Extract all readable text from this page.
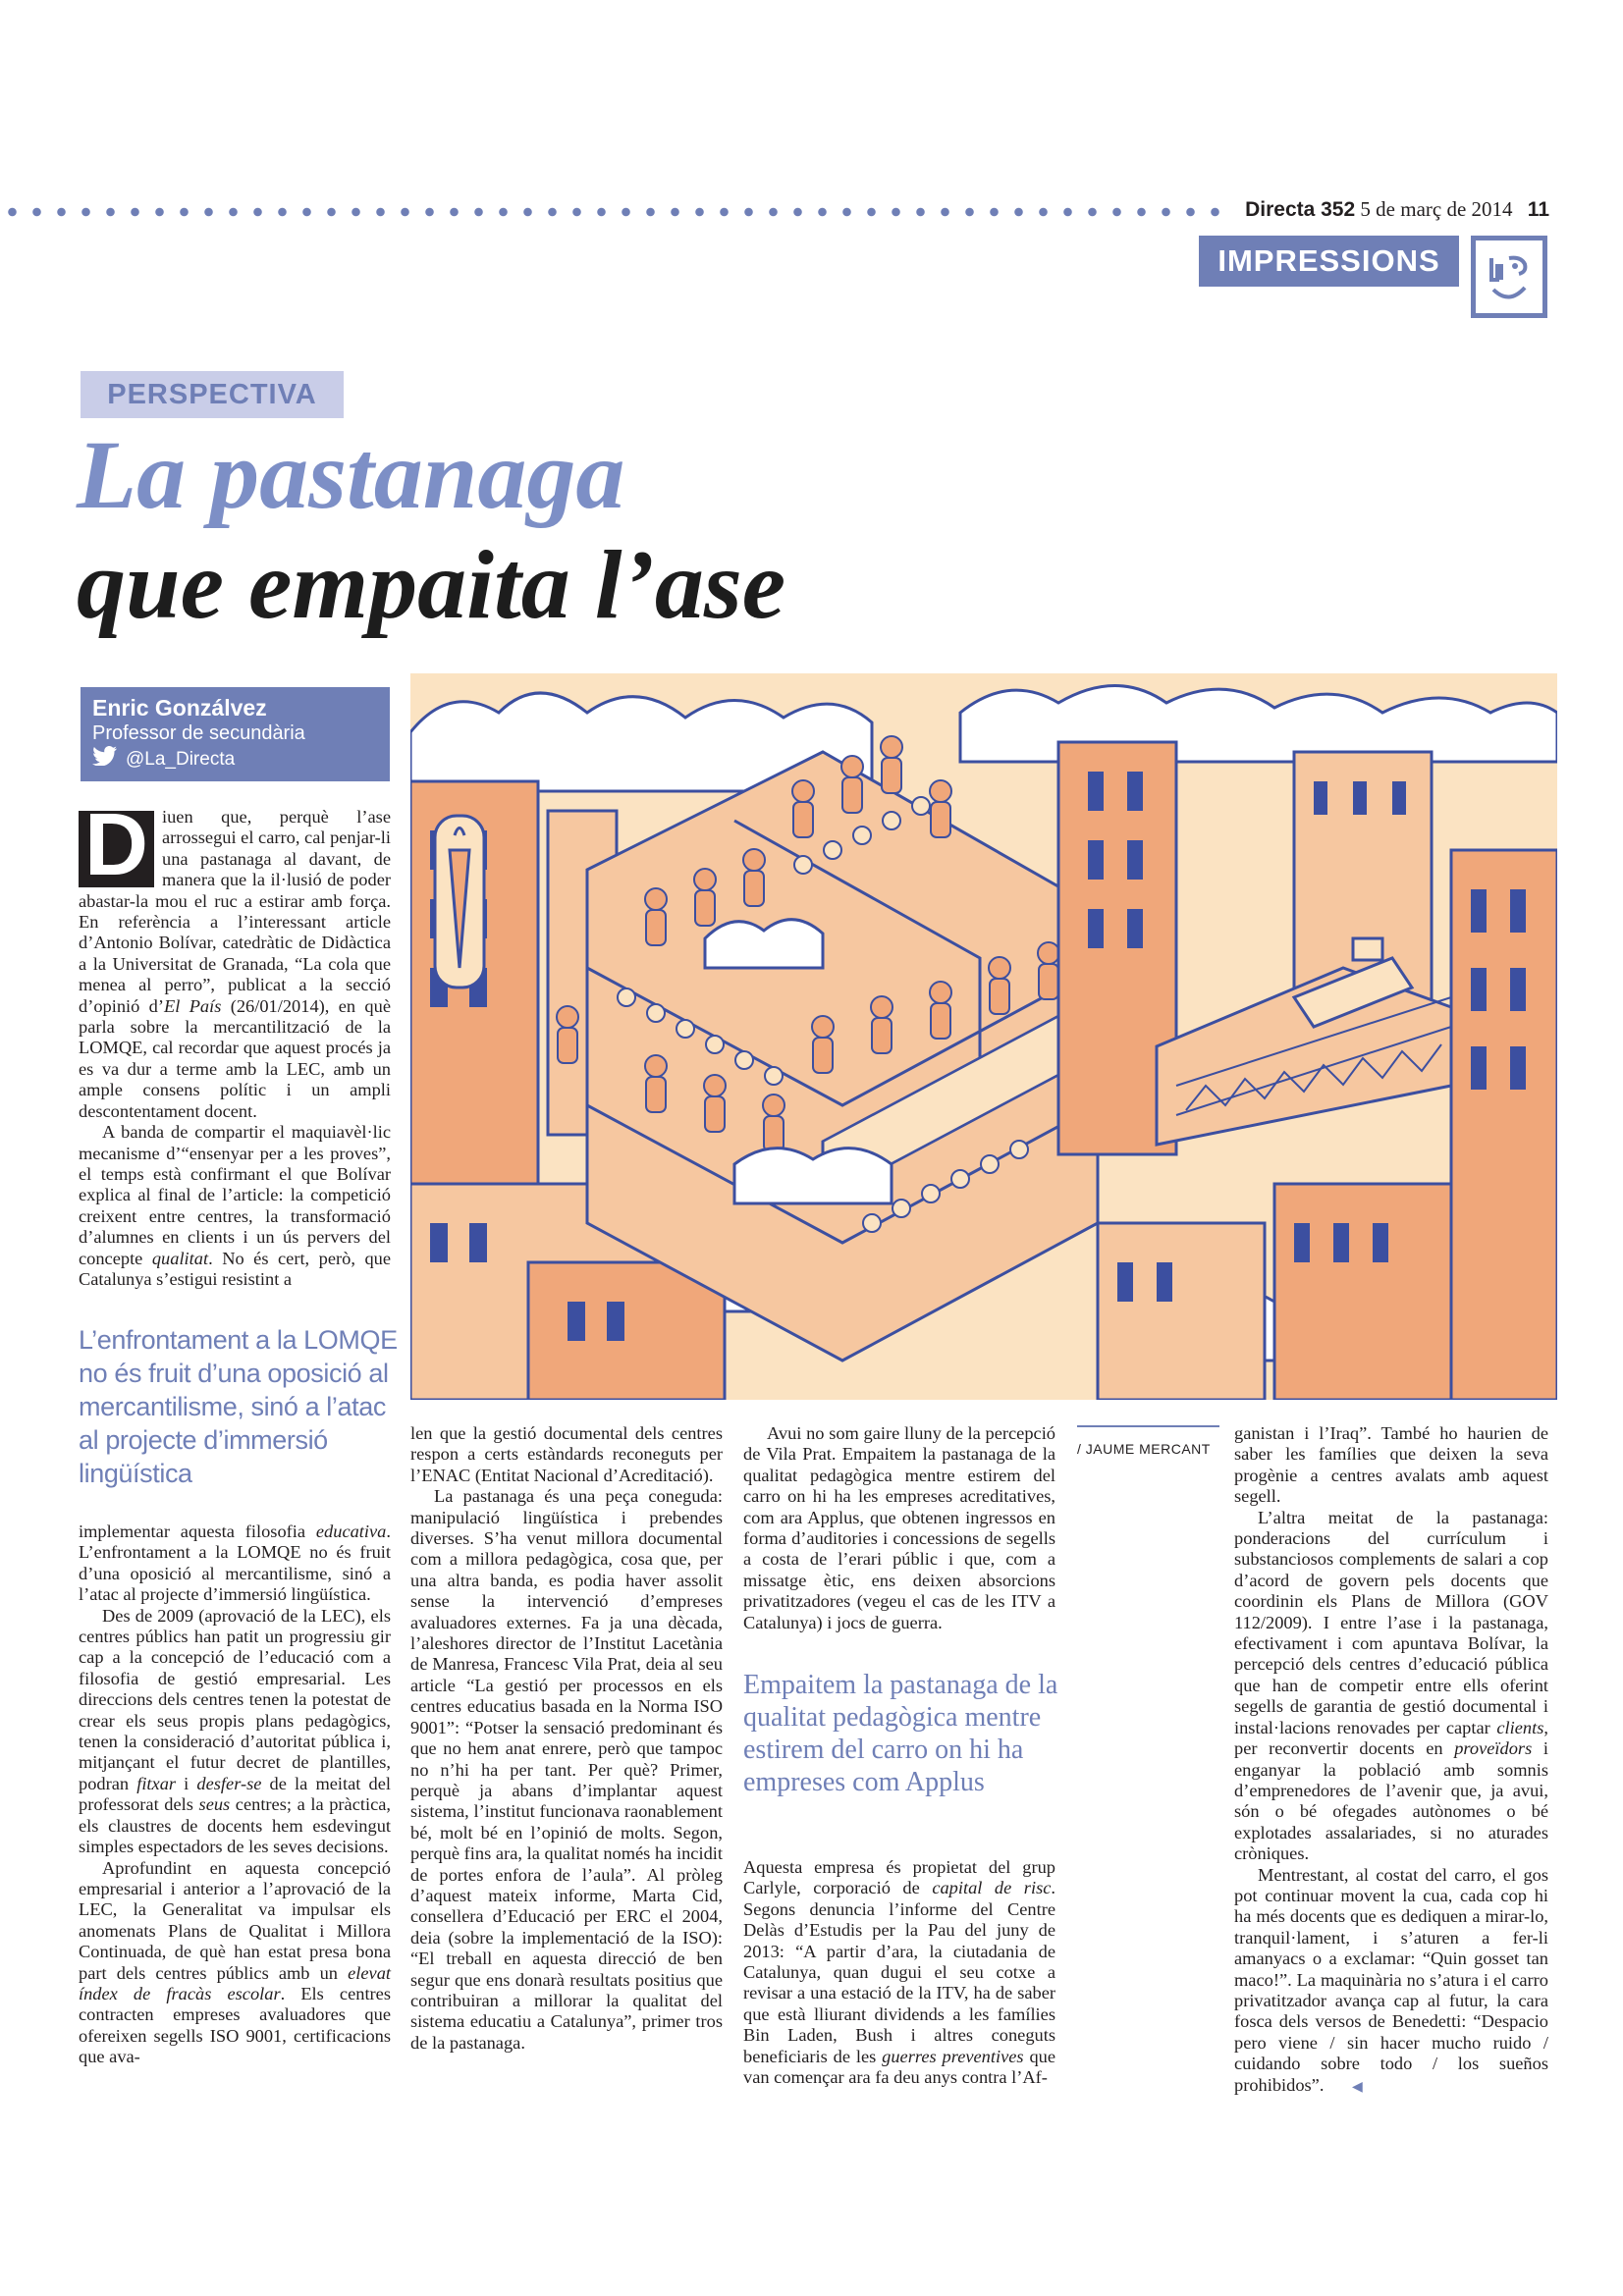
Directa 352 5 de març de 2014 11
IMPRESSIONS
PERSPECTIVA
La pastanaga
que empaita l’ase
Enric Gonzálvez
Professor de secundària
@La_Directa
/ JAUME MERCANT

D iuen que, perquè l’ase arrossegui el carro, cal penjar-li una pastanaga al davant, de manera que la il·lusió de poder abastar-la mou el ruc a estirar amb força. En referència a l’interessant article d’Antonio Bolívar, catedràtic de Didàctica a la Universitat de Granada, “La cola que menea al perro”, publicat a la secció d’opinió d’El País (26/01/2014), en què parla sobre la mercantilització de la LOMQE, cal recordar que aquest procés ja es va dur a terme amb la LEC, amb un ample consens polític i un ampli descontentament docent.

A banda de compartir el maquiavèl·lic mecanisme d’“ensenyar per a les proves”, el temps està confirmant el que Bolívar explica al final de l’article: la competició creixent entre centres, la transformació d’alumnes en clients i un ús pervers del concepte qualitat. No és cert, però, que Catalunya s’estigui resistint a

L’enfrontament a la LOMQE no és fruit d’una oposició al mercantilisme, sinó a l’atac al projecte d’immersió lingüística

implementar aquesta filosofia educativa. L’enfrontament a la LOMQE no és fruit d’una oposició al mercantilisme, sinó a l’atac al projecte d’immersió lingüística.

Des de 2009 (aprovació de la LEC), els centres públics han patit un progressiu gir cap a la concepció de l’educació com a filosofia de gestió empresarial. Les direccions dels centres tenen la potestat de crear els seus propis plans pedagògics, tenen la consideració d’autoritat pública i, mitjançant el futur decret de plantilles, podran fitxar i desfer-se de la meitat del professorat dels seus centres; a la pràctica, els claustres de docents hem esdevingut simples espectadors de les seves decisions.

Aprofundint en aquesta concepció empresarial i anterior a l’aprovació de la LEC, la Generalitat va impulsar els anomenats Plans de Qualitat i Millora Continuada, de què han estat presa bona part dels centres públics amb un elevat índex de fracàs escolar. Els centres contracten empreses avaluadores que ofereixen segells ISO 9001, certificacions que ava-

len que la gestió documental dels centres respon a certs estàndards reconeguts per l’ENAC (Entitat Nacional d’Acreditació).

La pastanaga és una peça coneguda: manipulació lingüística i prebendes diverses. S’ha venut millora documental com a millora pedagògica, cosa que, per una altra banda, es podia haver assolit sense la intervenció d’empreses avaluadores externes. Fa ja una dècada, l’aleshores director de l’Institut Lacetània de Manresa, Francesc Vila Prat, deia al seu article “La gestió per processos en els centres educatius basada en la Norma ISO 9001”: “Potser la sensació predominant és que no hem anat enrere, però que tampoc no n’hi ha per tant. Per què? Primer, perquè ja abans d’implantar aquest sistema, l’institut funcionava raonablement bé, molt bé en l’opinió de molts. Segon, perquè fins ara, la qualitat només ha incidit de portes enfora de l’aula”. Al pròleg d’aquest mateix informe, Marta Cid, consellera d’Educació per ERC el 2004, deia (sobre la implementació de la ISO): “El treball en aquesta direcció de ben segur que ens donarà resultats positius que contribuiran a millorar la qualitat del sistema educatiu a Catalunya”, primer tros de la pastanaga.

Avui no som gaire lluny de la percepció de Vila Prat. Empaitem la pastanaga de la qualitat pedagògica mentre estirem del carro on hi ha les empreses acreditatives, com ara Applus, que obtenen ingressos en forma d’auditories i concessions de segells a costa de l’erari públic i que, com a missatge ètic, ens deixen absorcions privatitzadores (vegeu el cas de les ITV a Catalunya) i jocs de guerra.

Empaitem la pastanaga de la qualitat pedagògica mentre estirem del carro on hi ha empreses com Applus

Aquesta empresa és propietat del grup Carlyle, corporació de capital de risc. Segons denuncia l’informe del Centre Delàs d’Estudis per la Pau del juny de 2013: “A partir d’ara, la ciutadania de Catalunya, quan dugui el seu cotxe a revisar a una estació de la ITV, ha de saber que està lliurant dividends a les famílies Bin Laden, Bush i altres coneguts beneficiaris de les guerres preventives que van començar ara fa deu anys contra l’Af-

ganistan i l’Iraq”. També ho haurien de saber les famílies que deixen la seva progènie a centres avalats amb aquest segell.

L’altra meitat de la pastanaga: ponderacions del currículum i substanciosos complements de salari a cop d’acord de govern pels docents que coordinin els Plans de Millora (GOV 112/2009). I entre l’ase i la pastanaga, efectivament i com apuntava Bolívar, la percepció dels centres d’educació pública que han de competir entre ells oferint segells de garantia de gestió documental i instal·lacions renovades per captar clients, per reconvertir docents en proveïdors i enganyar la població amb somnis d’emprenedores de l’avenir que, ja avui, són o bé ofegades autònomes o bé explotades assalariades, si no aturades cròniques.

Mentrestant, al costat del carro, el gos pot continuar movent la cua, cada cop hi ha més docents que es dediquen a mirar-lo, tranquil·lament, i s’aturen a fer-li amanyacs o a exclamar: “Quin gosset tan maco!”. La maquinària no s’atura i el carro privatitzador avança cap al futur, la cara fosca dels versos de Benedetti: “Despacio pero viene / sin hacer mucho ruido / cuidando sobre todo / los sueños prohibidos”. ◀
